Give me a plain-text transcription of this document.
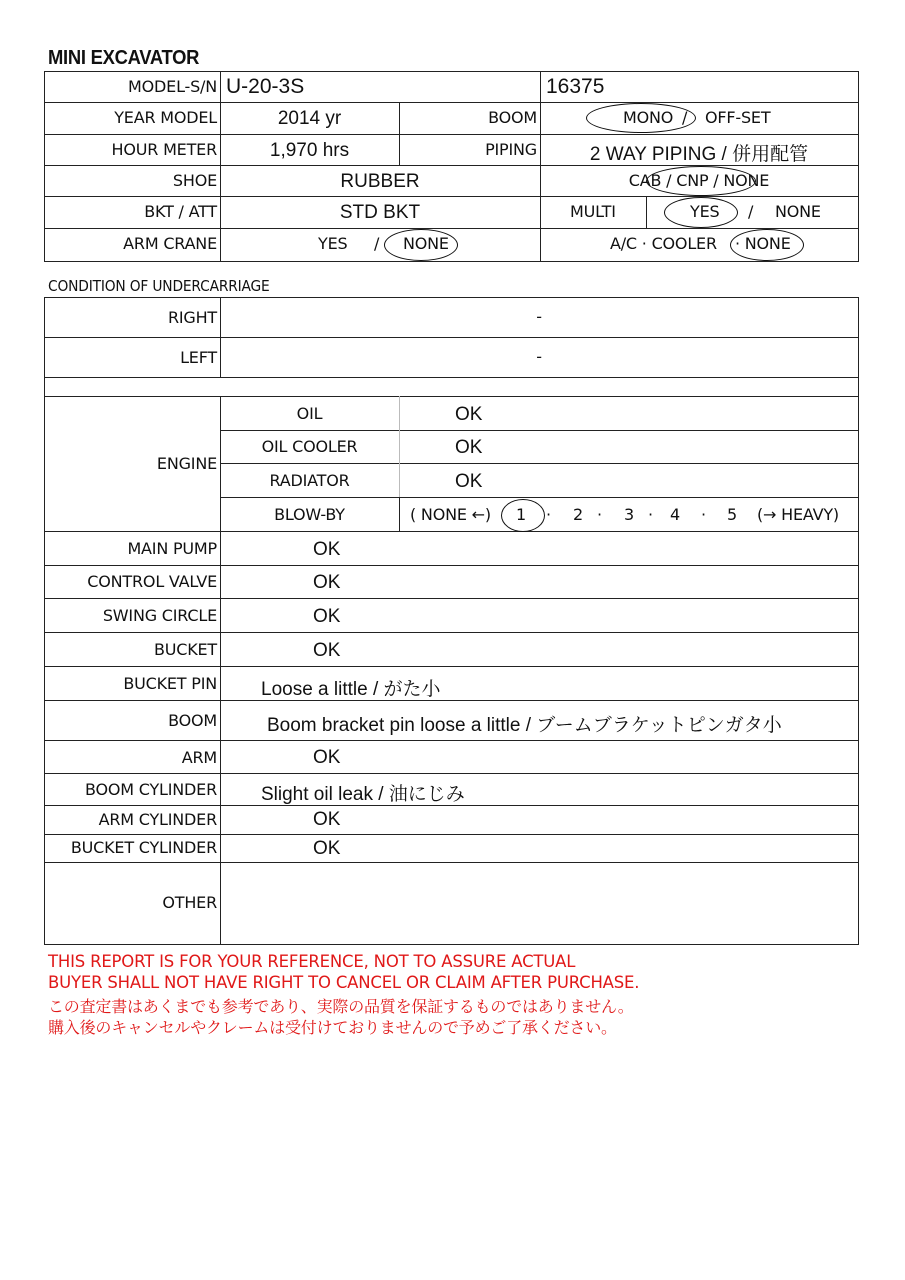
MINI EXCAVATOR
MODEL-S/N U-20-3S	16375
YEAR MODEL	2014 yr	BOOM	MONO / OFF-SET
HOUR METER	1,970 hrs	PIPING	2 WAY PIPING / 併用配管
SHOE	RUBBER	CAB / CNP / NONE
BKT / ATT	STD BKT	MULTI	YES / NONE
ARM CRANE	YES / NONE	A/C · COOLER · NONE
CONDITION OF UNDERCARRIAGE
RIGHT	-
LEFT	-
ENGINE
OIL	OK
OIL COOLER	OK
RADIATOR	OK
BLOW-BY	( NONE ←) 1 · 2 · 3 · 4 · 5 (→ HEAVY)
MAIN PUMP	OK
CONTROL VALVE	OK
SWING CIRCLE	OK
BUCKET	OK
BUCKET PIN Loose a little / がた小
BOOM	Boom bracket pin loose a little / ブームブラケットピンガタ小
ARM	OK
BOOM CYLINDER Slight oil leak / 油にじみ
ARM CYLINDER	OK
BUCKET CYLINDER	OK
OTHER
THIS REPORT IS FOR YOUR REFERENCE, NOT TO ASSURE ACTUAL
BUYER SHALL NOT HAVE RIGHT TO CANCEL OR CLAIM AFTER PURCHASE.
この査定書はあくまでも参考であり、実際の品質を保証するものではありません。
購入後のキャンセルやクレームは受付けておりませんので予めご了承ください。
